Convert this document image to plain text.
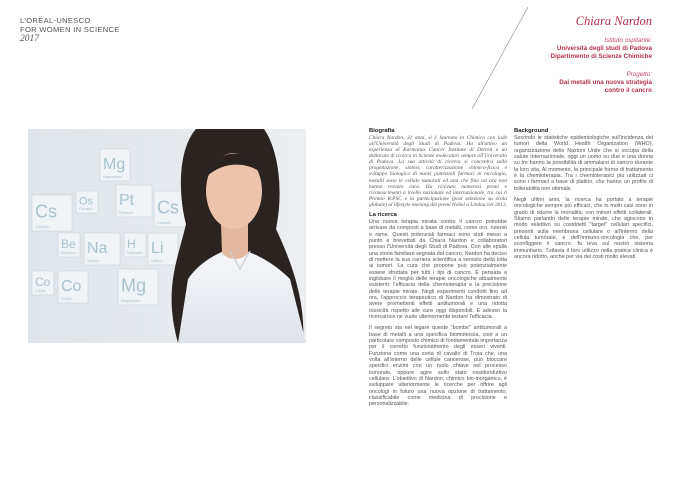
L'ORÉAL-UNESCO
FOR WOMEN IN SCIENCE
2017
Chiara Nardon
Istituto ospitante:
Università degli studi di Padova
Dipartimento di Scienze Chimiche
Progetto:
Dai metalli una nuova strategia
contro il cancro
Mg
Magnesium
Cs
Caesium
Os
Osmium
Pt
Platinum Cs
Caesium
Be
Beryllium Na
Sodium
H
Hydrogen Li
Lithium
Co
Cobalt
Mg
Magnesium
Co
Cobalt
Biografia
Chiara Nardon, 31 anni, si è laureata in Chimica con lode all'Università degli Studi di Padova. Ha all'attivo un esperienza al Karmanos Cancer Institute di Detroit e un dottorato di ricerca in Scienze molecolari sempre all'Università di Padova. La sua attività di ricerca si concentra sulla progettazione, sintesi, caratterizzazione chimico-fisica e sviluppo biologico di nuovi potenziali farmaci in oncologia, metalli sono le cellule tumorali ed una che fino ad ora non hanno trovato cura. Ha ricevuto numerosi premi e riconoscimenti a livello nazionale ed internazionale, tra cui il Premio R.PSC e la partecipazione (post selezione su scala globale) al lifestyle meeting dei premi Nobel a Lindau nel 2013.
La ricerca

Una nuova terapia mirata contro il cancro potrebbe arrivare da composti a base di metalli, come oro, rutenio e rame. Questi potenziali farmaci sono stati messi a punto e brevettati da Chiara Nardon e collaboratori presso l'Università degli Studi di Padova. Con alle spalle una storia familiare segnata dal cancro, Nardon ha deciso di mettere la sua carriera scientifica a servizio della lotta ai tumori. La cura che propone può potenzialmente essere sfruttata per tutti i tipi di cancro. È pensata a inglobare il meglio delle terapie oncologiche attualmente esistenti: l'efficacia della chemioterapia e la precisione delle terapie mirate. Negli esperimenti condotti fino ad ora, l'approccio terapeutico di Nardon ha dimostrato di avere promettenti effetti antitumorali e una ridotta tossicità rispetto alle cure oggi disponibili. E adesso la ricercatrice ne vuole ulteriormente testare l'efficacia.

Il segreto sta nel legare queste "bombe" antitumorali a base di metalli a una specifica biomolecola, cioè a un particolare composto chimico di fondamentale importanza per il corretto funzionamento degli esseri viventi. Funziona come una sorta di cavallo di Troia che, una volta all'interno delle cellule cancerose, può bloccare specifici enzimi con un ruolo chiave nel processo tumorale, oppure agire sullo stato ossidoriduttivo cellulare. L'obiettivo di Nardon, chimico bio-inorganico, è sviluppare ulteriormente le ricerche per offrire agli oncologi in futuro una nuova opzione di trattamento, classificabile come medicina di precisione e personalizzabile.

Background

Secondo le statistiche epidemiologiche sull'incidenza dei tumori della World Health Organization (WHO), organizzazione delle Nazioni Unite che si occupa della salute internazionale, oggi un uomo su due e una donna su tre hanno la possibilità di ammalarsi di cancro durante la loro vita. Al momento, la principale forma di trattamento è la chemioterapia. Tra i chemioterapici più utilizzati ci sono i farmaci a base di platino, che hanno un profilo di tollerabilità non ottimale.

Negli ultimi anni, la ricerca ha portato a terapie oncologiche sempre più efficaci, che in molti casi sono in grado di ridurre la mortalità, con minori effetti collaterali. Stiamo parlando delle terapie mirate, che agiscono in modo selettivo su cosiddetti "target" cellulari specifici, presenti sulla membrana cellulare o all'interno della cellula tumorale, e dell'immuno-oncologia che, per sconfiggere il cancro, fa leva sul nostro sistema immunitario. Tuttavia il loro utilizzo nella pratica clinica è ancora ridotto, anche per via dei costi molto elevati.
